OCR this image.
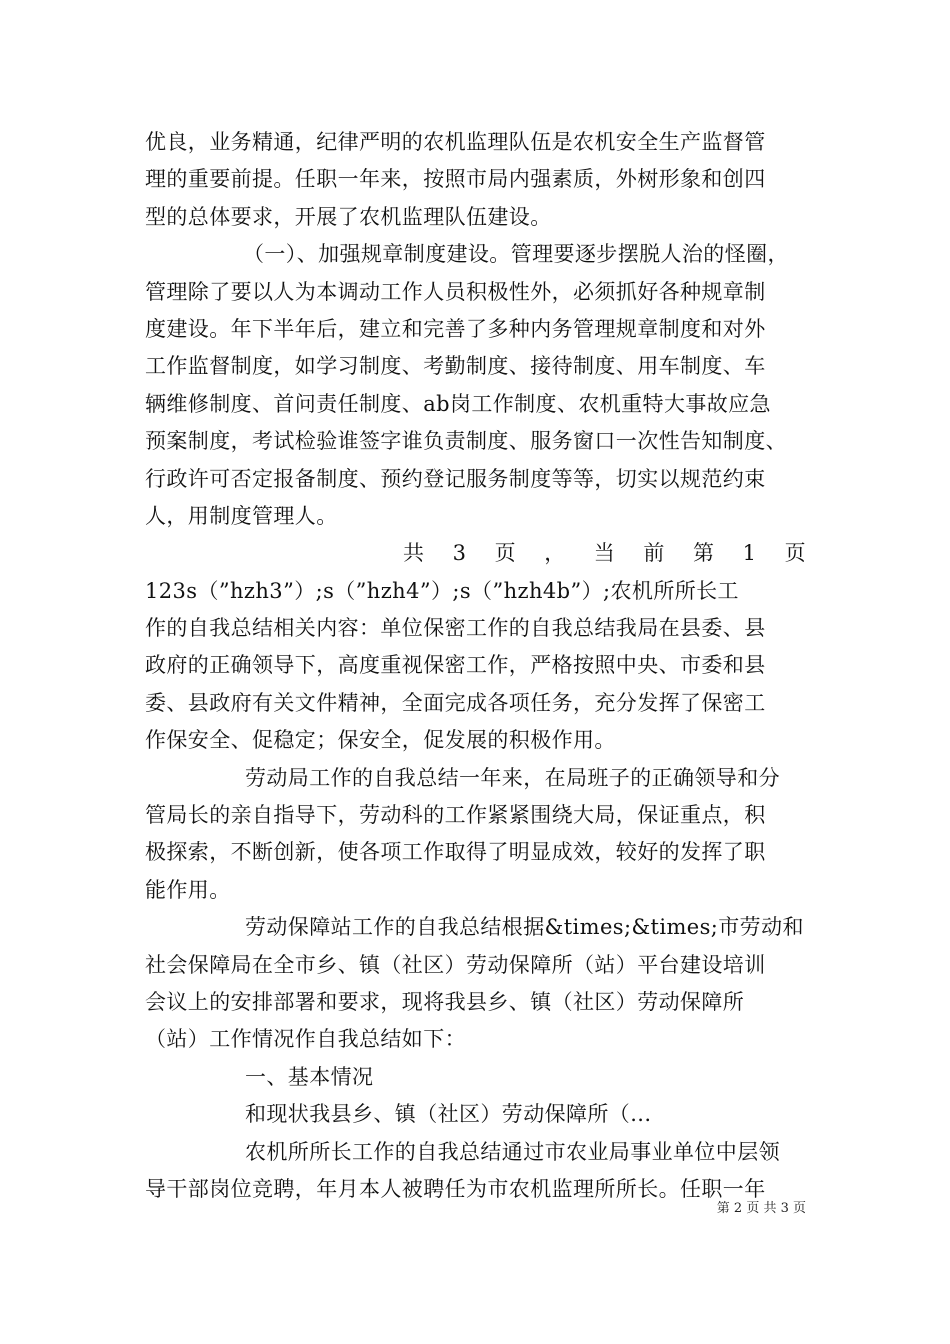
优良，业务精通，纪律严明的农机监理队伍是农机安全生产监督管
理的重要前提。任职一年来，按照市局内强素质，外树形象和创四
型的总体要求，开展了农机监理队伍建设。
（一）、加强规章制度建设。管理要逐步摆脱人治的怪圈，
管理除了要以人为本调动工作人员积极性外，必须抓好各种规章制
度建设。年下半年后，建立和完善了多种内务管理规章制度和对外
工作监督制度，如学习制度、考勤制度、接待制度、用车制度、车
辆维修制度、首问责任制度、ab岗工作制度、农机重特大事故应急
预案制度，考试检验谁签字谁负责制度、服务窗口一次性告知制度、
行政许可否定报备制度、预约登记服务制度等等，切实以规范约束
人，用制度管理人。
共 3 页 ， 当 前 第 1 页
123s（”hzh3”）;s（”hzh4”）;s（”hzh4b”）;农机所所长工
作的自我总结相关内容：单位保密工作的自我总结我局在县委、县
政府的正确领导下，高度重视保密工作，严格按照中央、市委和县
委、县政府有关文件精神，全面完成各项任务，充分发挥了保密工
作保安全、促稳定；保安全，促发展的积极作用。
劳动局工作的自我总结一年来，在局班子的正确领导和分
管局长的亲自指导下，劳动科的工作紧紧围绕大局，保证重点，积
极探索，不断创新，使各项工作取得了明显成效，较好的发挥了职
能作用。
劳动保障站工作的自我总结根据&times;&times;市劳动和
社会保障局在全市乡、镇（社区）劳动保障所（站）平台建设培训
会议上的安排部署和要求，现将我县乡、镇（社区）劳动保障所
（站）工作情况作自我总结如下：
一、基本情况
和现状我县乡、镇（社区）劳动保障所（...
农机所所长工作的自我总结通过市农业局事业单位中层领
导干部岗位竞聘，年月本人被聘任为市农机监理所所长。任职一年
第 2 页 共 3 页
